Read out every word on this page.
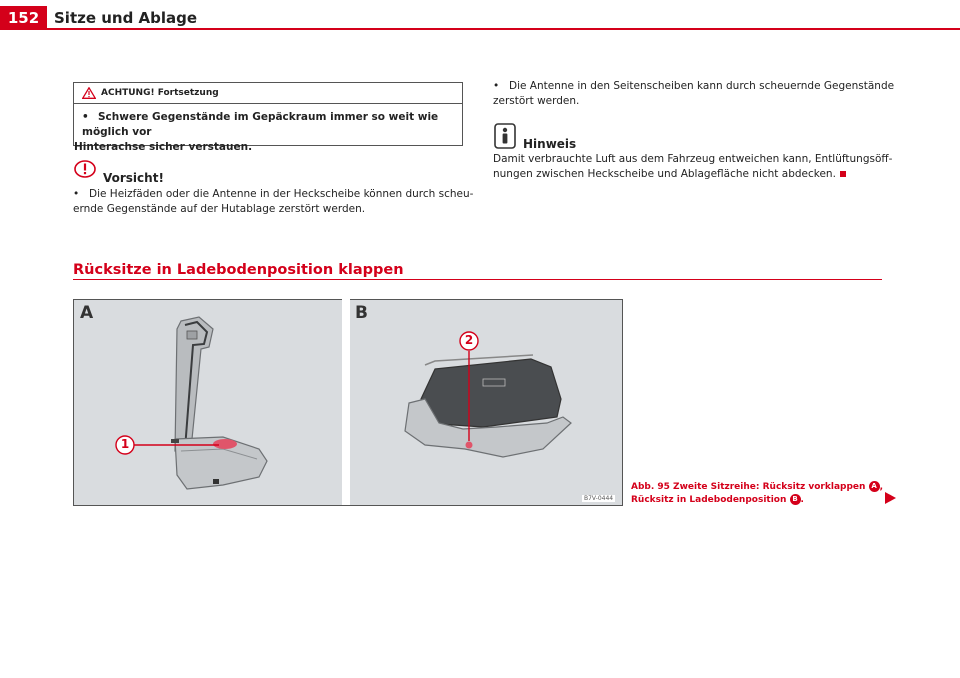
152 Sitze und Ablage
ACHTUNG! Fortsetzung
• Schwere Gegenstände im Gepäckraum immer so weit wie möglich vor
Hinterachse sicher verstauen.
Vorsicht!
• Die Heizfäden oder die Antenne in der Heckscheibe können durch scheu-
ernde Gegenstände auf der Hutablage zerstört werden.
• Die Antenne in den Seitenscheiben kann durch scheuernde Gegenstände
zerstört werden.
Hinweis
Damit verbrauchte Luft aus dem Fahrzeug entweichen kann, Entlüftungsöff-
nungen zwischen Heckscheibe und Ablagefläche nicht abdecken.
Rücksitze in Ladebodenposition klappen
A	B
1
2
B7V-0444
Abb. 95 Zweite Sitzreihe: Rücksitz vorklappen A ,
Rücksitz in Ladebodenposition B .
